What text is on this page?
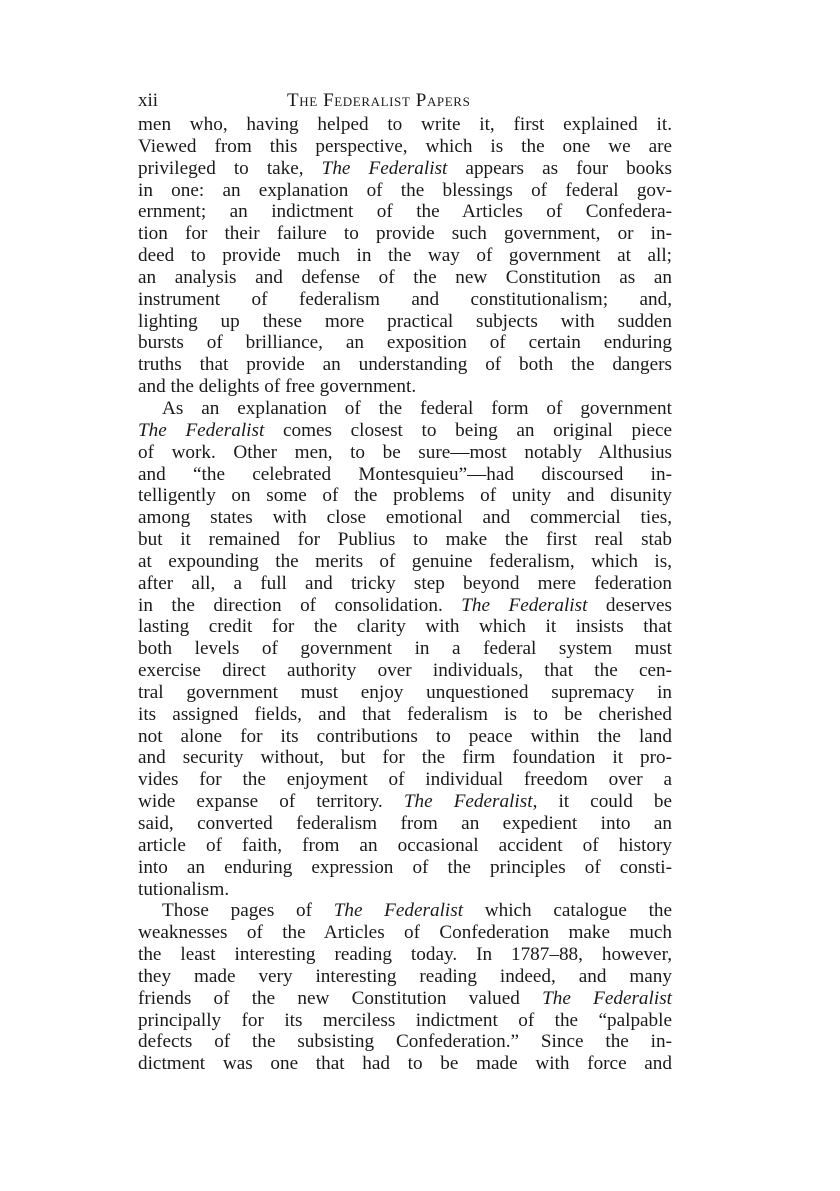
xii	The Federalist Papers
men who, having helped to write it, first explained it.
Viewed from this perspective, which is the one we are
privileged to take, The Federalist appears as four books
in one: an explanation of the blessings of federal gov-
ernment; an indictment of the Articles of Confedera-
tion for their failure to provide such government, or in-
deed to provide much in the way of government at all;
an analysis and defense of the new Constitution as an
instrument of federalism and constitutionalism; and,
lighting up these more practical subjects with sudden
bursts of brilliance, an exposition of certain enduring
truths that provide an understanding of both the dangers
and the delights of free government.
As an explanation of the federal form of government
The Federalist comes closest to being an original piece
of work. Other men, to be sure—most notably Althusius
and “the celebrated Montesquieu”—had discoursed in-
telligently on some of the problems of unity and disunity
among states with close emotional and commercial ties,
but it remained for Publius to make the first real stab
at expounding the merits of genuine federalism, which is,
after all, a full and tricky step beyond mere federation
in the direction of consolidation. The Federalist deserves
lasting credit for the clarity with which it insists that
both levels of government in a federal system must
exercise direct authority over individuals, that the cen-
tral government must enjoy unquestioned supremacy in
its assigned fields, and that federalism is to be cherished
not alone for its contributions to peace within the land
and security without, but for the firm foundation it pro-
vides for the enjoyment of individual freedom over a
wide expanse of territory. The Federalist, it could be
said, converted federalism from an expedient into an
article of faith, from an occasional accident of history
into an enduring expression of the principles of consti-
tutionalism.
Those pages of The Federalist which catalogue the
weaknesses of the Articles of Confederation make much
the least interesting reading today. In 1787–88, however,
they made very interesting reading indeed, and many
friends of the new Constitution valued The Federalist
principally for its merciless indictment of the “palpable
defects of the subsisting Confederation.” Since the in-
dictment was one that had to be made with force and
